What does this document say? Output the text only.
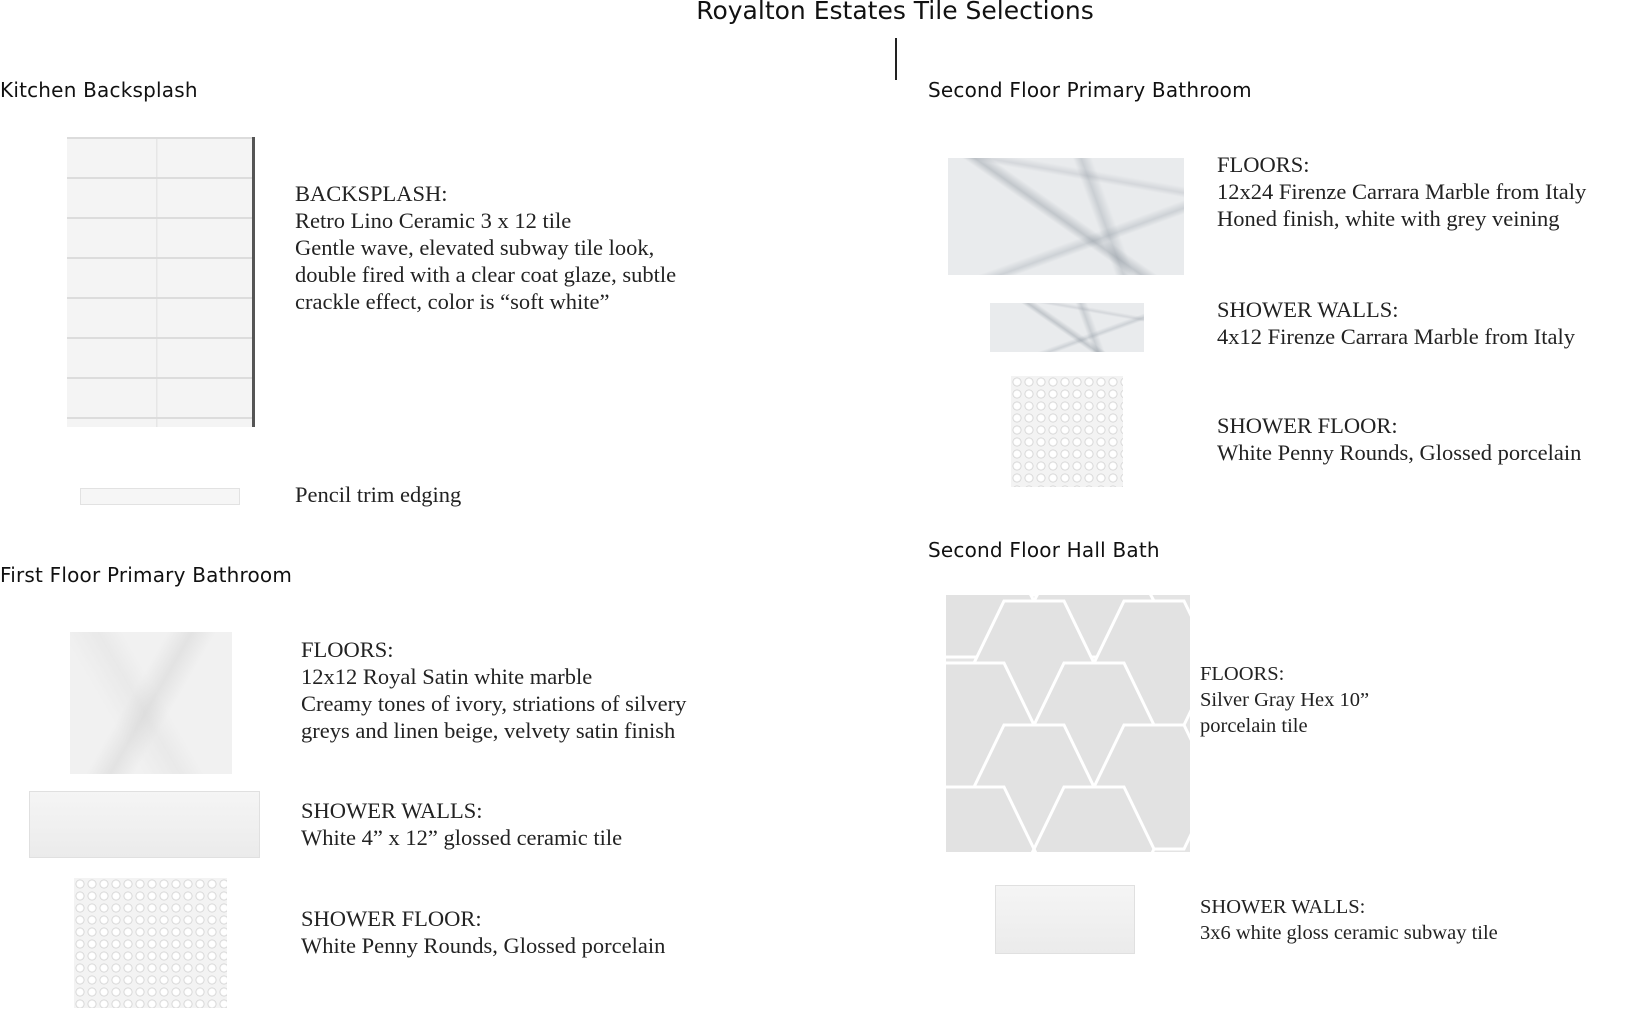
Royalton Estates Tile Selections
Kitchen Backsplash
BACKSPLASH:
Retro Lino Ceramic 3 x 12 tile
Gentle wave, elevated subway tile look,
double fired with a clear coat glaze, subtle
crackle effect, color is “soft white”
Pencil trim edging
First Floor Primary Bathroom
FLOORS:
12x12 Royal Satin white marble
Creamy tones of ivory, striations of silvery
greys and linen beige, velvety satin finish
SHOWER WALLS:
White 4” x 12” glossed ceramic tile
SHOWER FLOOR:
White Penny Rounds, Glossed porcelain
Second Floor Primary Bathroom
FLOORS:
12x24 Firenze Carrara Marble from Italy
Honed finish, white with grey veining
SHOWER WALLS:
4x12 Firenze Carrara Marble from Italy
SHOWER FLOOR:
White Penny Rounds, Glossed porcelain
Second Floor Hall Bath
FLOORS:
Silver Gray Hex 10”
porcelain tile
SHOWER WALLS:
3x6 white gloss ceramic subway tile
